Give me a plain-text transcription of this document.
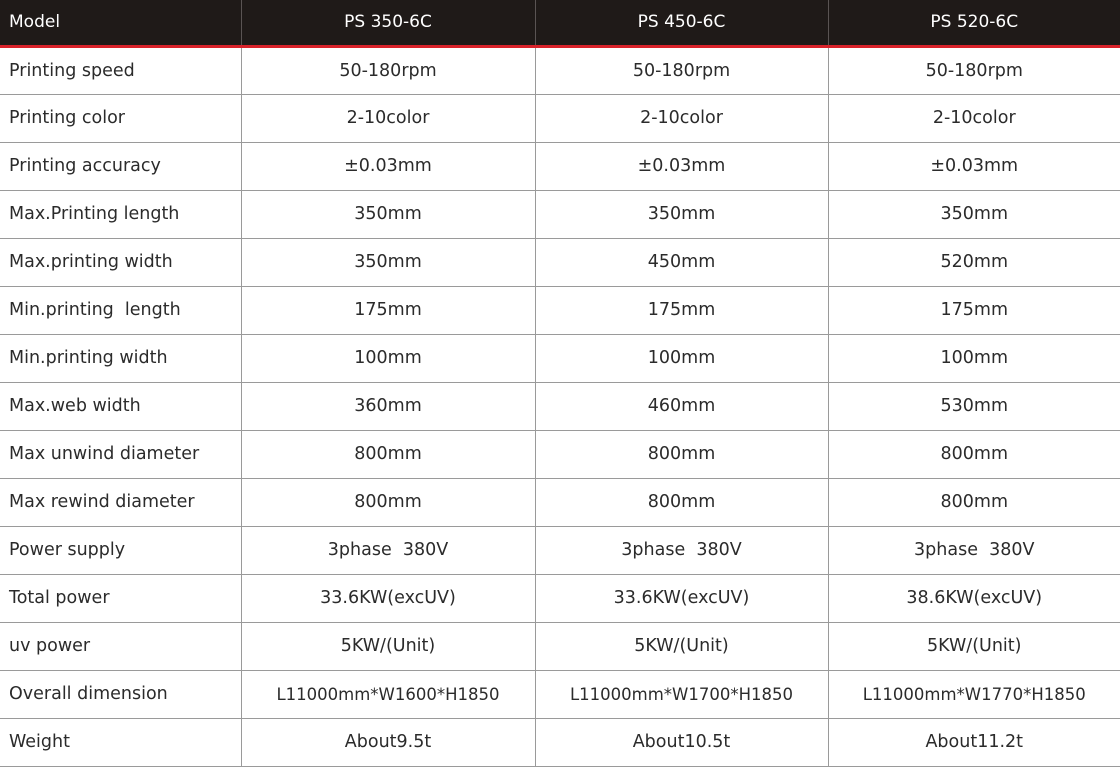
Model	PS 350-6C	PS 450-6C	PS 520-6C
Printing speed	50-180rpm	50-180rpm	50-180rpm
Printing color	2-10color	2-10color	2-10color
Printing accuracy	±0.03mm	±0.03mm	±0.03mm
Max.Printing length	350mm	350mm	350mm
Max.printing width	350mm	450mm	520mm
Min.printing  length	175mm	175mm	175mm
Min.printing width	100mm	100mm	100mm
Max.web width	360mm	460mm	530mm
Max unwind diameter	800mm	800mm	800mm
Max rewind diameter	800mm	800mm	800mm
Power supply	3phase  380V	3phase  380V	3phase  380V
Total power	33.6KW(excUV)	33.6KW(excUV)	38.6KW(excUV)
uv power	5KW/(Unit)	5KW/(Unit)	5KW/(Unit)
Overall dimension	L11000mm*W1600*H1850	L11000mm*W1700*H1850	L11000mm*W1770*H1850
Weight	About9.5t	About10.5t	About11.2t
